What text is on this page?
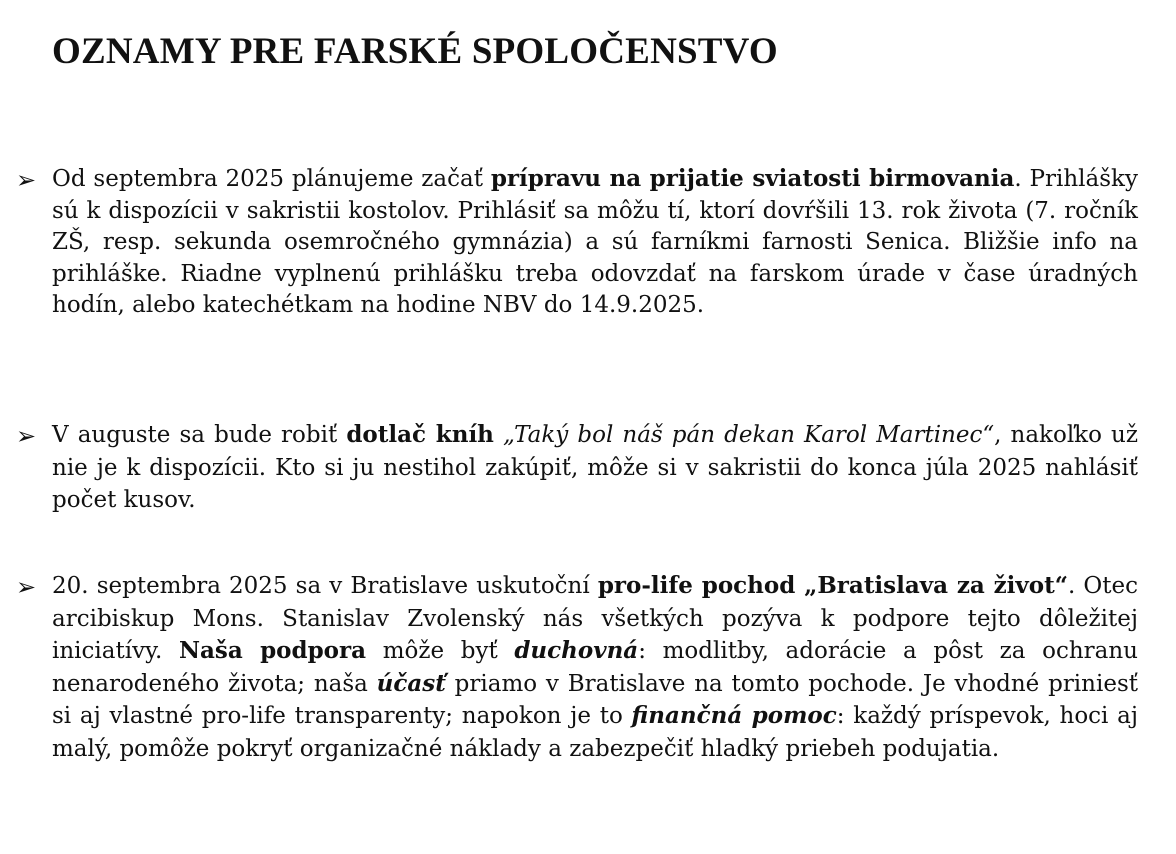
OZNAMY PRE FARSKÉ SPOLOČENSTVO
➢ Od septembra 2025 plánujeme začať prípravu na prijatie sviatosti birmovania. Prihlášky sú k dispozícii v sakristii kostolov. Prihlásiť sa môžu tí, ktorí dovŕšili 13. rok života (7. ročník ZŠ, resp. sekunda osemročného gymnázia) a sú farníkmi farnosti Senica. Bližšie info na prihláške. Riadne vyplnenú prihlášku treba odovzdať na farskom úrade v čase úradných hodín, alebo katechétkam na hodine NBV do 14.9.2025.

➢ V auguste sa bude robiť dotlač kníh „Taký bol náš pán dekan Karol Martinec“, nakoľko už nie je k dispozícii. Kto si ju nestihol zakúpiť, môže si v sakristii do konca júla 2025 nahlásiť počet kusov.

➢ 20. septembra 2025 sa v Bratislave uskutoční pro-life pochod „Bratislava za život“. Otec arcibiskup Mons. Stanislav Zvolenský nás všetkých pozýva k podpore tejto dôležitej iniciatívy. Naša podpora môže byť duchovná: modlitby, adorácie a pôst za ochranu nenarodeného života; naša účasť priamo v Bratislave na tomto pochode. Je vhodné priniesť si aj vlastné pro-life transparenty; napokon je to finančná pomoc: každý príspevok, hoci aj malý, pomôže pokryť organizačné náklady a zabezpečiť hladký priebeh podujatia.
